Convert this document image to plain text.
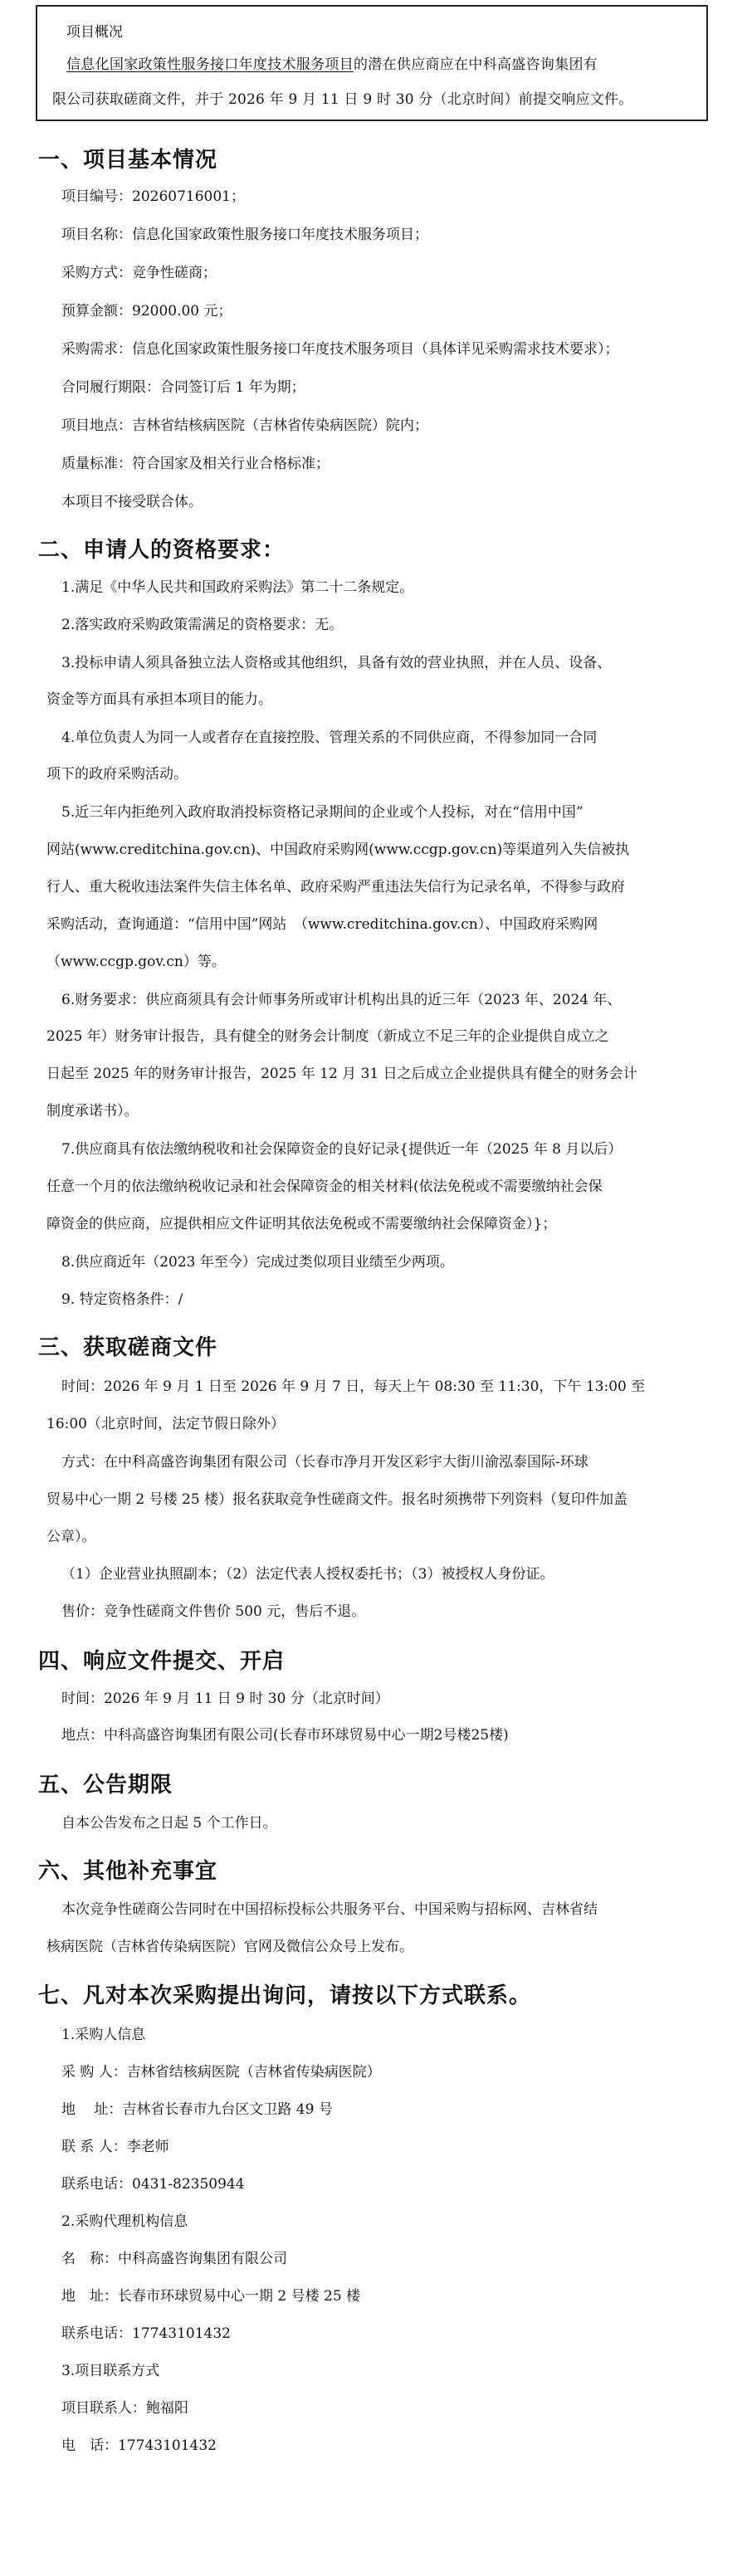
项目概况
信息化国家政策性服务接口年度技术服务项目的潜在供应商应在中科高盛咨询集团有
限公司获取磋商文件，并于 2026 年 9 月 11 日 9 时 30 分（北京时间）前提交响应文件。
一、项目基本情况
项目编号：20260716001；
项目名称：信息化国家政策性服务接口年度技术服务项目；
采购方式：竞争性磋商；
预算金额：92000.00 元；
采购需求：信息化国家政策性服务接口年度技术服务项目（具体详见采购需求技术要求）；
合同履行期限：合同签订后 1 年为期；
项目地点：吉林省结核病医院（吉林省传染病医院）院内；
质量标准：符合国家及相关行业合格标准；
本项目不接受联合体。
二、申请人的资格要求：
1.满足《中华人民共和国政府采购法》第二十二条规定。
2.落实政府采购政策需满足的资格要求：无。
3.投标申请人须具备独立法人资格或其他组织，具备有效的营业执照，并在人员、设备、
资金等方面具有承担本项目的能力。
4.单位负责人为同一人或者存在直接控股、管理关系的不同供应商，不得参加同一合同
项下的政府采购活动。
5.近三年内拒绝列入政府取消投标资格记录期间的企业或个人投标，对在“信用中国”
网站(www.creditchina.gov.cn)、中国政府采购网(www.ccgp.gov.cn)等渠道列入失信被执
行人、重大税收违法案件失信主体名单、政府采购严重违法失信行为记录名单，不得参与政府
采购活动，查询通道：“信用中国”网站　（www.creditchina.gov.cn）、中国政府采购网
（www.ccgp.gov.cn）等。
6.财务要求：供应商须具有会计师事务所或审计机构出具的近三年（2023 年、2024 年、
2025 年）财务审计报告，具有健全的财务会计制度（新成立不足三年的企业提供自成立之
日起至 2025 年的财务审计报告，2025 年 12 月 31 日之后成立企业提供具有健全的财务会计
制度承诺书）。
7.供应商具有依法缴纳税收和社会保障资金的良好记录{提供近一年（2025 年 8 月以后）
任意一个月的依法缴纳税收记录和社会保障资金的相关材料(依法免税或不需要缴纳社会保
障资金的供应商，应提供相应文件证明其依法免税或不需要缴纳社会保障资金）}；
8.供应商近年（2023 年至今）完成过类似项目业绩至少两项。
9. 特定资格条件：/
三、获取磋商文件
时间：2026 年 9 月 1 日至 2026 年 9 月 7 日，每天上午 08:30 至 11:30，下午 13:00 至
16:00（北京时间，法定节假日除外）
方式：在中科高盛咨询集团有限公司（长春市净月开发区彩宇大街川渝泓泰国际-环球
贸易中心一期 2 号楼 25 楼）报名获取竞争性磋商文件。报名时须携带下列资料（复印件加盖
公章）。
（1）企业营业执照副本；（2）法定代表人授权委托书；（3）被授权人身份证。
售价：竞争性磋商文件售价 500 元，售后不退。
四、响应文件提交、开启
时间：2026 年 9 月 11 日 9 时 30 分（北京时间）
地点：中科高盛咨询集团有限公司(长春市环球贸易中心一期2号楼25楼)
五、公告期限
自本公告发布之日起 5 个工作日。
六、其他补充事宜
本次竞争性磋商公告同时在中国招标投标公共服务平台、中国采购与招标网、吉林省结
核病医院（吉林省传染病医院）官网及微信公众号上发布。
七、凡对本次采购提出询问，请按以下方式联系。
1.采购人信息
采 购 人：吉林省结核病医院（吉林省传染病医院）
地　 址：吉林省长春市九台区文卫路 49 号
联 系 人：李老师
联系电话：0431-82350944
2.采购代理机构信息
名　称：中科高盛咨询集团有限公司
地　址：长春市环球贸易中心一期 2 号楼 25 楼
联系电话：17743101432
3.项目联系方式
项目联系人：鲍福阳
电　话：17743101432
